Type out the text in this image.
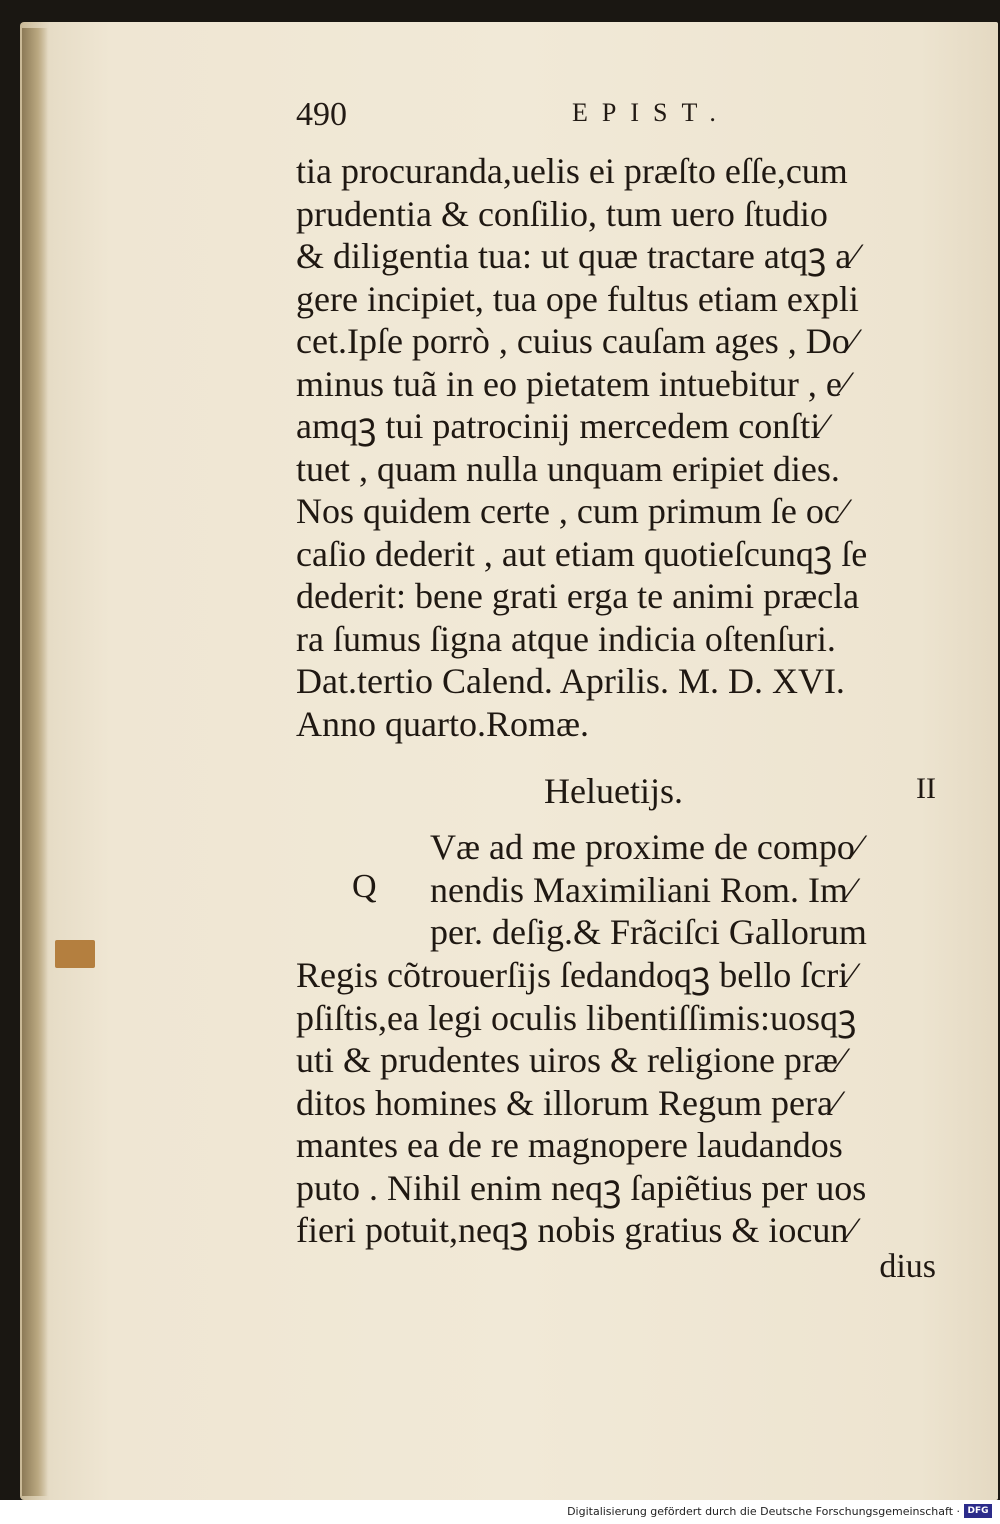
490	EPIST.
tia procuranda,uelis ei præſto eſſe,cum
prudentia & conſilio, tum uero ſtudio
& diligentia tua: ut quæ tractare atqꝫ a⁄
gere incipiet, tua ope fultus etiam expli
cet.Ipſe porrò , cuius cauſam ages , Do⁄
minus tuã in eo pietatem intuebitur , e⁄
amqꝫ tui patrocinij mercedem conſti⁄
tuet , quam nulla unquam eripiet dies.
Nos quidem certe , cum primum ſe oc⁄
caſio dederit , aut etiam quotieſcunqꝫ ſe
dederit: bene grati erga te animi præcla
ra ſumus ſigna atque indicia oſtenſuri.
Dat.tertio Calend. Aprilis. M. D. XVI.
Anno quarto.Romæ.
Heluetijs.	II
Q
Væ ad me proxime de compo⁄
nendis Maximiliani Rom. Im⁄
per. deſig.& Frãciſci Gallorum
Regis cõtrouerſijs ſedandoqꝫ bello ſcri⁄
pſiſtis,ea legi oculis libentiſſimis:uosqꝫ
uti & prudentes uiros & religione præ⁄
ditos homines & illorum Regum pera⁄
mantes ea de re magnopere laudandos
puto . Nihil enim neqꝫ ſapiẽtius per uos
fieri potuit,neqꝫ nobis gratius & iocun⁄
dius
Digitalisierung gefördert durch die Deutsche Forschungsgemeinschaft · DFG
